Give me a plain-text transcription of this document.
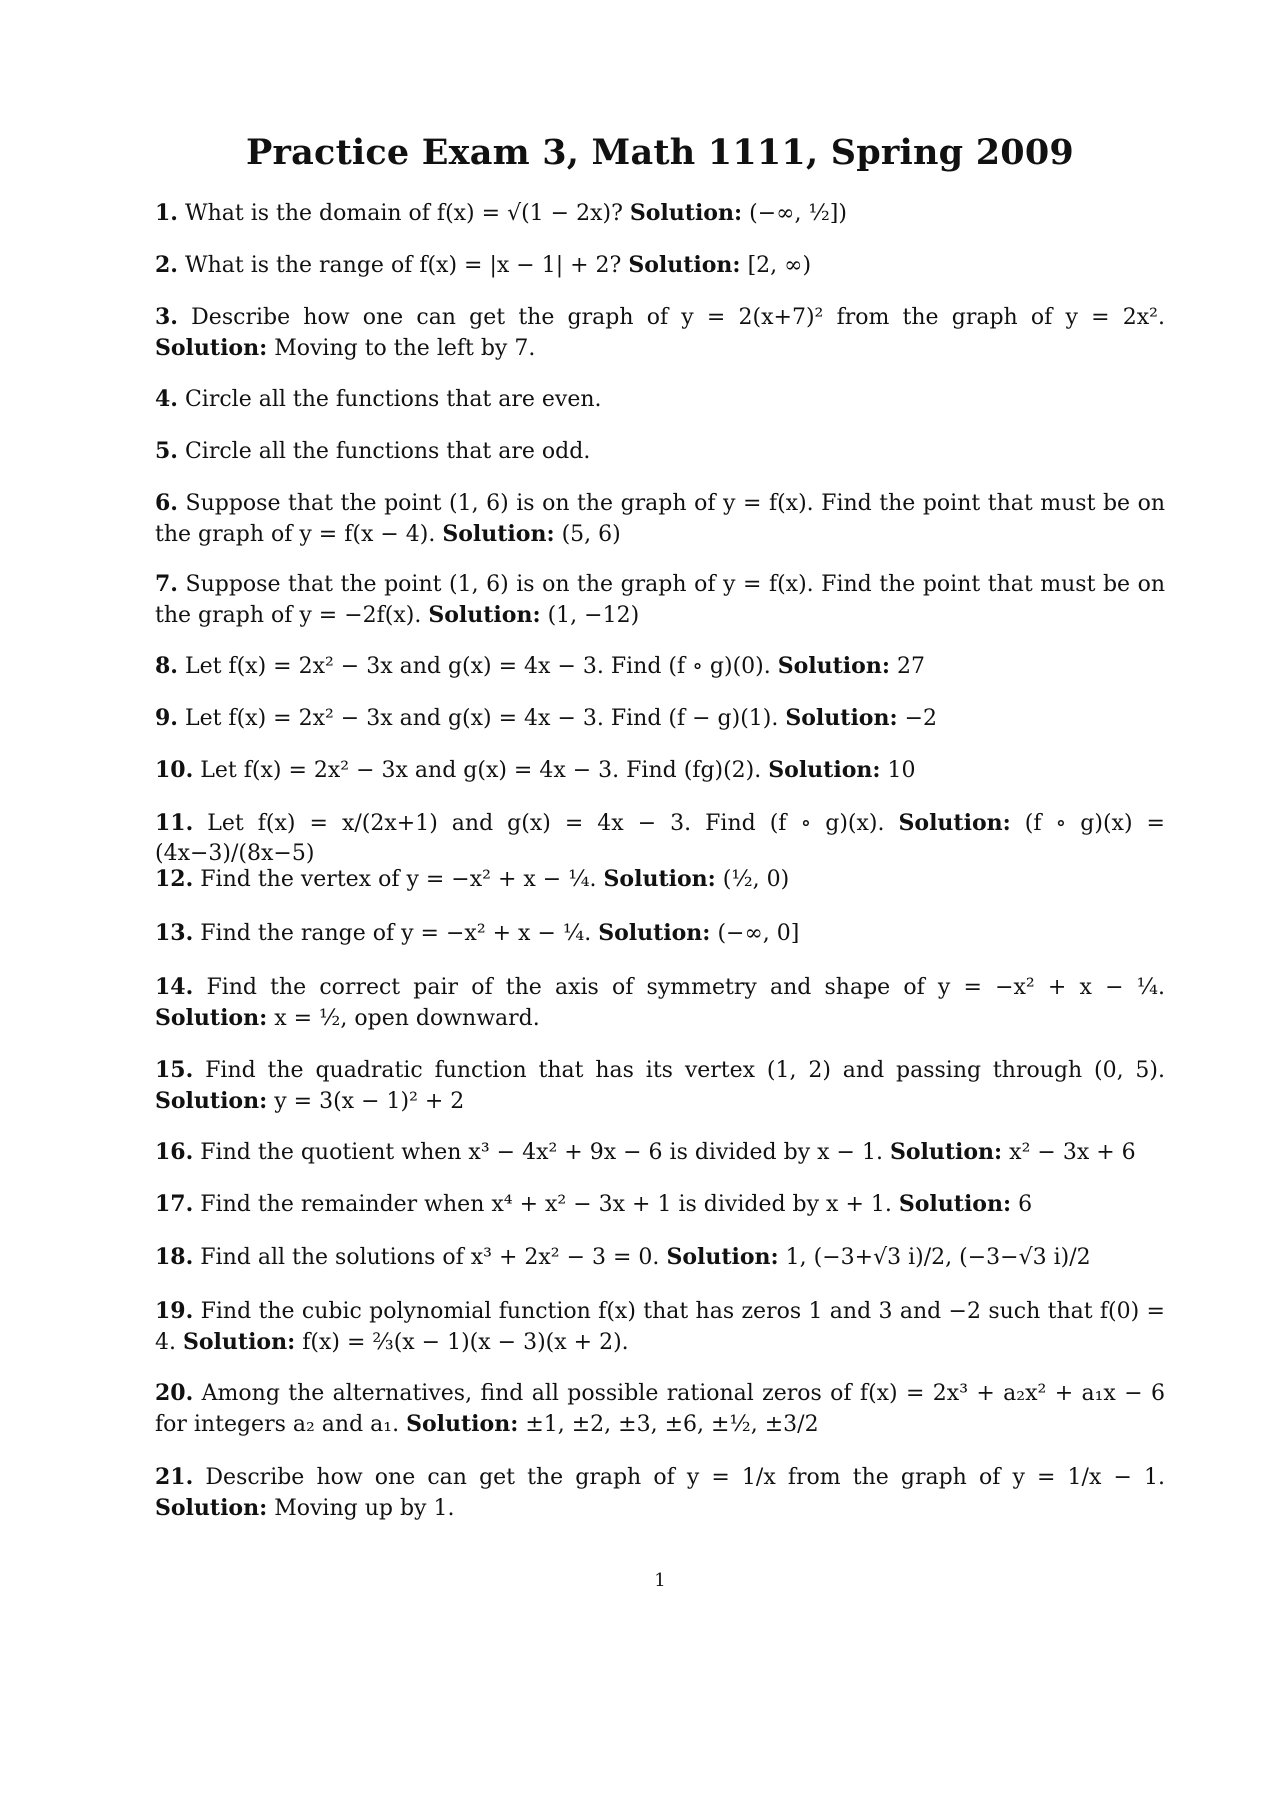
Practice Exam 3, Math 1111, Spring 2009
1. What is the domain of f(x) = √(1 − 2x)? Solution: (−∞, ½])
2. What is the range of f(x) = |x − 1| + 2? Solution: [2, ∞)
3. Describe how one can get the graph of y = 2(x+7)² from the graph of y = 2x². Solution: Moving to the left by 7.
4. Circle all the functions that are even.
5. Circle all the functions that are odd.
6. Suppose that the point (1, 6) is on the graph of y = f(x). Find the point that must be on the graph of y = f(x − 4). Solution: (5, 6)
7. Suppose that the point (1, 6) is on the graph of y = f(x). Find the point that must be on the graph of y = −2f(x). Solution: (1, −12)
8. Let f(x) = 2x² − 3x and g(x) = 4x − 3. Find (f ∘ g)(0). Solution: 27
9. Let f(x) = 2x² − 3x and g(x) = 4x − 3. Find (f − g)(1). Solution: −2
10. Let f(x) = 2x² − 3x and g(x) = 4x − 3. Find (fg)(2). Solution: 10
11. Let f(x) = x/(2x+1) and g(x) = 4x − 3. Find (f ∘ g)(x). Solution: (f ∘ g)(x) = (4x−3)/(8x−5)
12. Find the vertex of y = −x² + x − ¼. Solution: (½, 0)
13. Find the range of y = −x² + x − ¼. Solution: (−∞, 0]
14. Find the correct pair of the axis of symmetry and shape of y = −x² + x − ¼. Solution: x = ½, open downward.
15. Find the quadratic function that has its vertex (1, 2) and passing through (0, 5). Solution: y = 3(x − 1)² + 2
16. Find the quotient when x³ − 4x² + 9x − 6 is divided by x − 1. Solution: x² − 3x + 6
17. Find the remainder when x⁴ + x² − 3x + 1 is divided by x + 1. Solution: 6
18. Find all the solutions of x³ + 2x² − 3 = 0. Solution: 1, (−3+√3 i)/2, (−3−√3 i)/2
19. Find the cubic polynomial function f(x) that has zeros 1 and 3 and −2 such that f(0) = 4. Solution: f(x) = ⅔(x − 1)(x − 3)(x + 2).
20. Among the alternatives, find all possible rational zeros of f(x) = 2x³ + a₂x² + a₁x − 6 for integers a₂ and a₁. Solution: ±1, ±2, ±3, ±6, ±½, ±3/2
21. Describe how one can get the graph of y = 1/x from the graph of y = 1/x − 1. Solution: Moving up by 1.
1
